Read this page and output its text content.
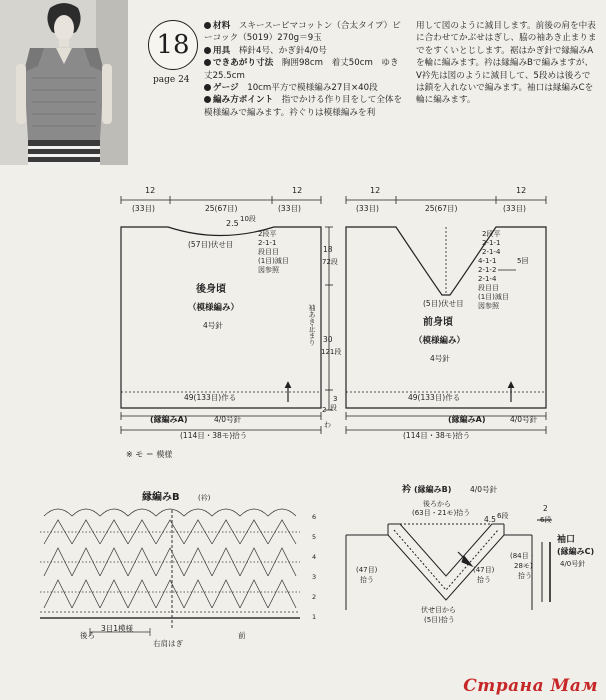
18
page 24
材料　 スキースーピマコットン（合太タイプ）ピーコック（5019）270g＝9玉
用具　 棒針4号、かぎ針4/0号
できあがり寸法　 胸囲98cm　着丈50cm　ゆき丈25.5cm
ゲージ　 10cm平方で模様編み27目×40段
編み方ポイント　 指でかける作り目をして全体を模様編みで編みます。衿ぐりは模様編みを利
用して図のように減目します。前後の肩を中表に合わせてかぶせはぎし、脇の袖あき止まりまでをすくいとじします。裾はかぎ針で縁編みAを輪に編みます。衿は縁編みBで編みますが、V衿先は図のように減目して、5段めは後ろでは鎖を入れないで編みます。袖口は縁編みCを輪に編みます。
12
(33目)	25(67目)
12
(33目)
2.5 10段
(57目)伏せ目
2段平
2-1-1
段目目
(1目)減目
図参照
後身頃
（模様編み）
4号針
49(133目)作る
(縁編みA)	4/0号針
(114目・38モ)拾う
袖あき止まり
18
72段
30
121段
3
段
2
わ
12
(33目)	25(67目)
12
(33目)
(5目)伏せ目
2段平
2-1-1
2-1-4
4-1-1
2-1-2
2-1-4
段目目
(1目)減目
図参照
5回
前身頃
（模様編み）
4号針
49(133目)作る
(縁編みA)	4/0号針
(114目・38モ)拾う
※ モ ＝ 模様
縁編みB	(衿)
6
5
4
3
2
1
後ろ	前
3目1模様
右肩はぎ
衿 (縁編みB) 4/0号針
後ろから
(63目・21モ)拾う
4.5 6段
(47目)
拾う
(47目)
拾う
伏せ目から
(5目)拾う
2
6段
袖口
(縁編みC)
4/0号針
(84目・
28モ)
拾う
Страна Мам
